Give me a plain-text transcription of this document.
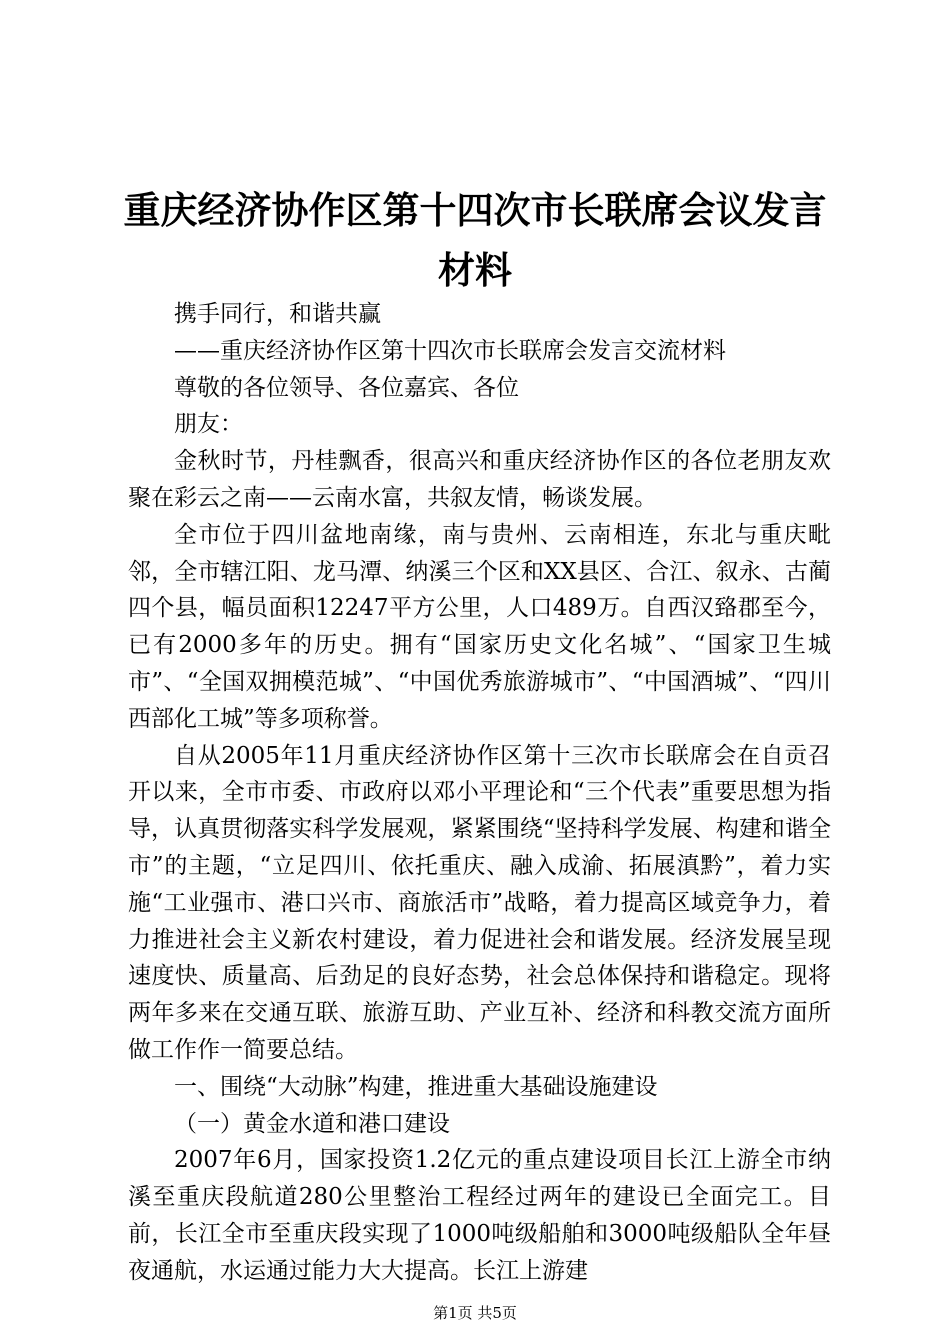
重庆经济协作区第十四次市长联席会议发言材料

携手同行，和谐共赢

——重庆经济协作区第十四次市长联席会发言交流材料

尊敬的各位领导、各位嘉宾、各位

朋友：

金秋时节，丹桂飘香，很高兴和重庆经济协作区的各位老朋友欢聚在彩云之南——云南水富，共叙友情，畅谈发展。

全市位于四川盆地南缘，南与贵州、云南相连，东北与重庆毗邻，全市辖江阳、龙马潭、纳溪三个区和XX县区、合江、叙永、古蔺四个县，幅员面积12247平方公里，人口489万。自西汉臵郡至今，已有2000多年的历史。拥有“国家历史文化名城”、“国家卫生城市”、“全国双拥模范城”、“中国优秀旅游城市”、“中国酒城”、“四川西部化工城”等多项称誉。

自从2005年11月重庆经济协作区第十三次市长联席会在自贡召开以来，全市市委、市政府以邓小平理论和“三个代表”重要思想为指导，认真贯彻落实科学发展观，紧紧围绕“坚持科学发展、构建和谐全市”的主题，“立足四川、依托重庆、融入成渝、拓展滇黔”，着力实施“工业强市、港口兴市、商旅活市”战略，着力提高区域竞争力，着力推进社会主义新农村建设，着力促进社会和谐发展。经济发展呈现速度快、质量高、后劲足的良好态势，社会总体保持和谐稳定。现将两年多来在交通互联、旅游互助、产业互补、经济和科教交流方面所做工作作一简要总结。

一、围绕“大动脉”构建，推进重大基础设施建设

（一）黄金水道和港口建设

2007年6月，国家投资1.2亿元的重点建设项目长江上游全市纳溪至重庆段航道280公里整治工程经过两年的建设已全面完工。目前，长江全市至重庆段实现了1000吨级船舶和3000吨级船队全年昼夜通航，水运通过能力大大提高。长江上游建

第1页 共5页
